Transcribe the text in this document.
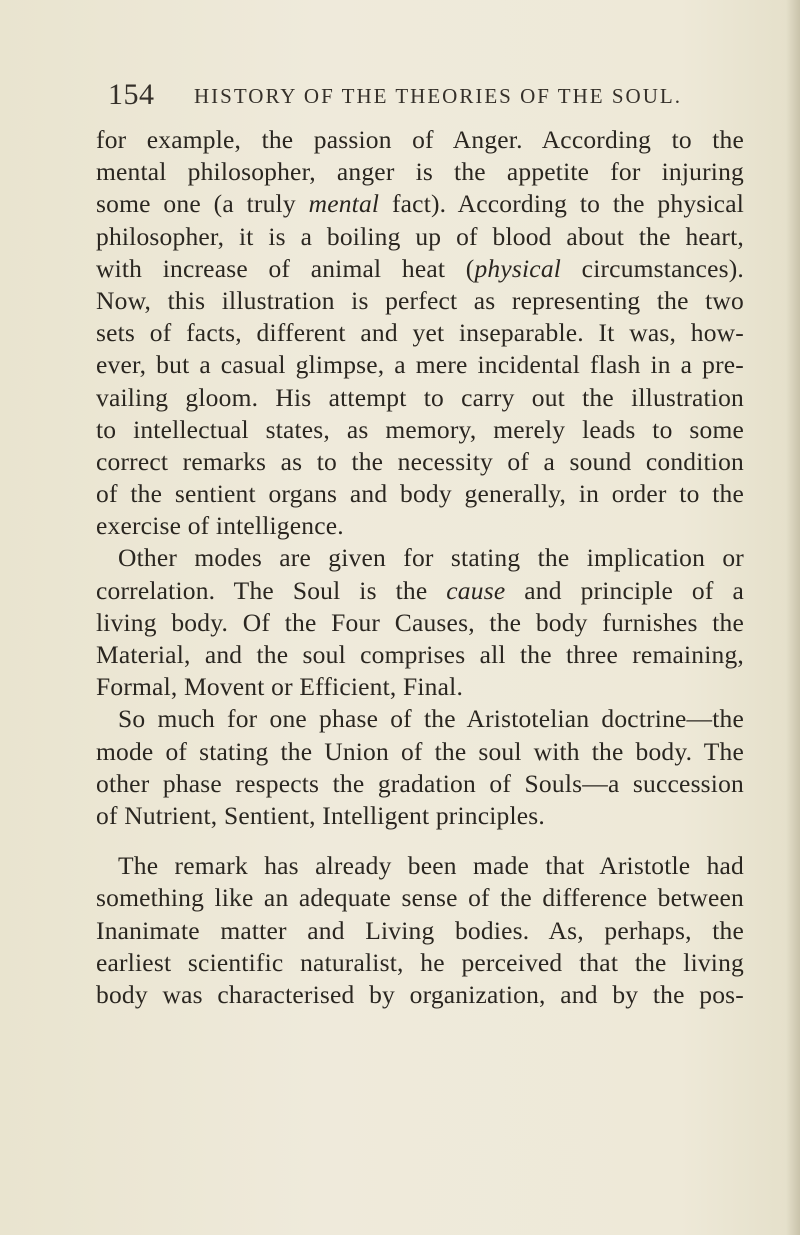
154 HISTORY OF THE THEORIES OF THE SOUL.
for example, the passion of Anger. According to the
mental philosopher, anger is the appetite for injuring
some one (a truly mental fact). According to the physical
philosopher, it is a boiling up of blood about the heart,
with increase of animal heat (physical circumstances).
Now, this illustration is perfect as representing the two
sets of facts, different and yet inseparable. It was, how-
ever, but a casual glimpse, a mere incidental flash in a pre-
vailing gloom. His attempt to carry out the illustration
to intellectual states, as memory, merely leads to some
correct remarks as to the necessity of a sound condition
of the sentient organs and body generally, in order to the
exercise of intelligence.
Other modes are given for stating the implication or
correlation. The Soul is the cause and principle of a
living body. Of the Four Causes, the body furnishes the
Material, and the soul comprises all the three remaining,
Formal, Movent or Efficient, Final.
So much for one phase of the Aristotelian doctrine—the
mode of stating the Union of the soul with the body. The
other phase respects the gradation of Souls—a succession
of Nutrient, Sentient, Intelligent principles.
The remark has already been made that Aristotle had
something like an adequate sense of the difference between
Inanimate matter and Living bodies. As, perhaps, the
earliest scientific naturalist, he perceived that the living
body was characterised by organization, and by the pos-
